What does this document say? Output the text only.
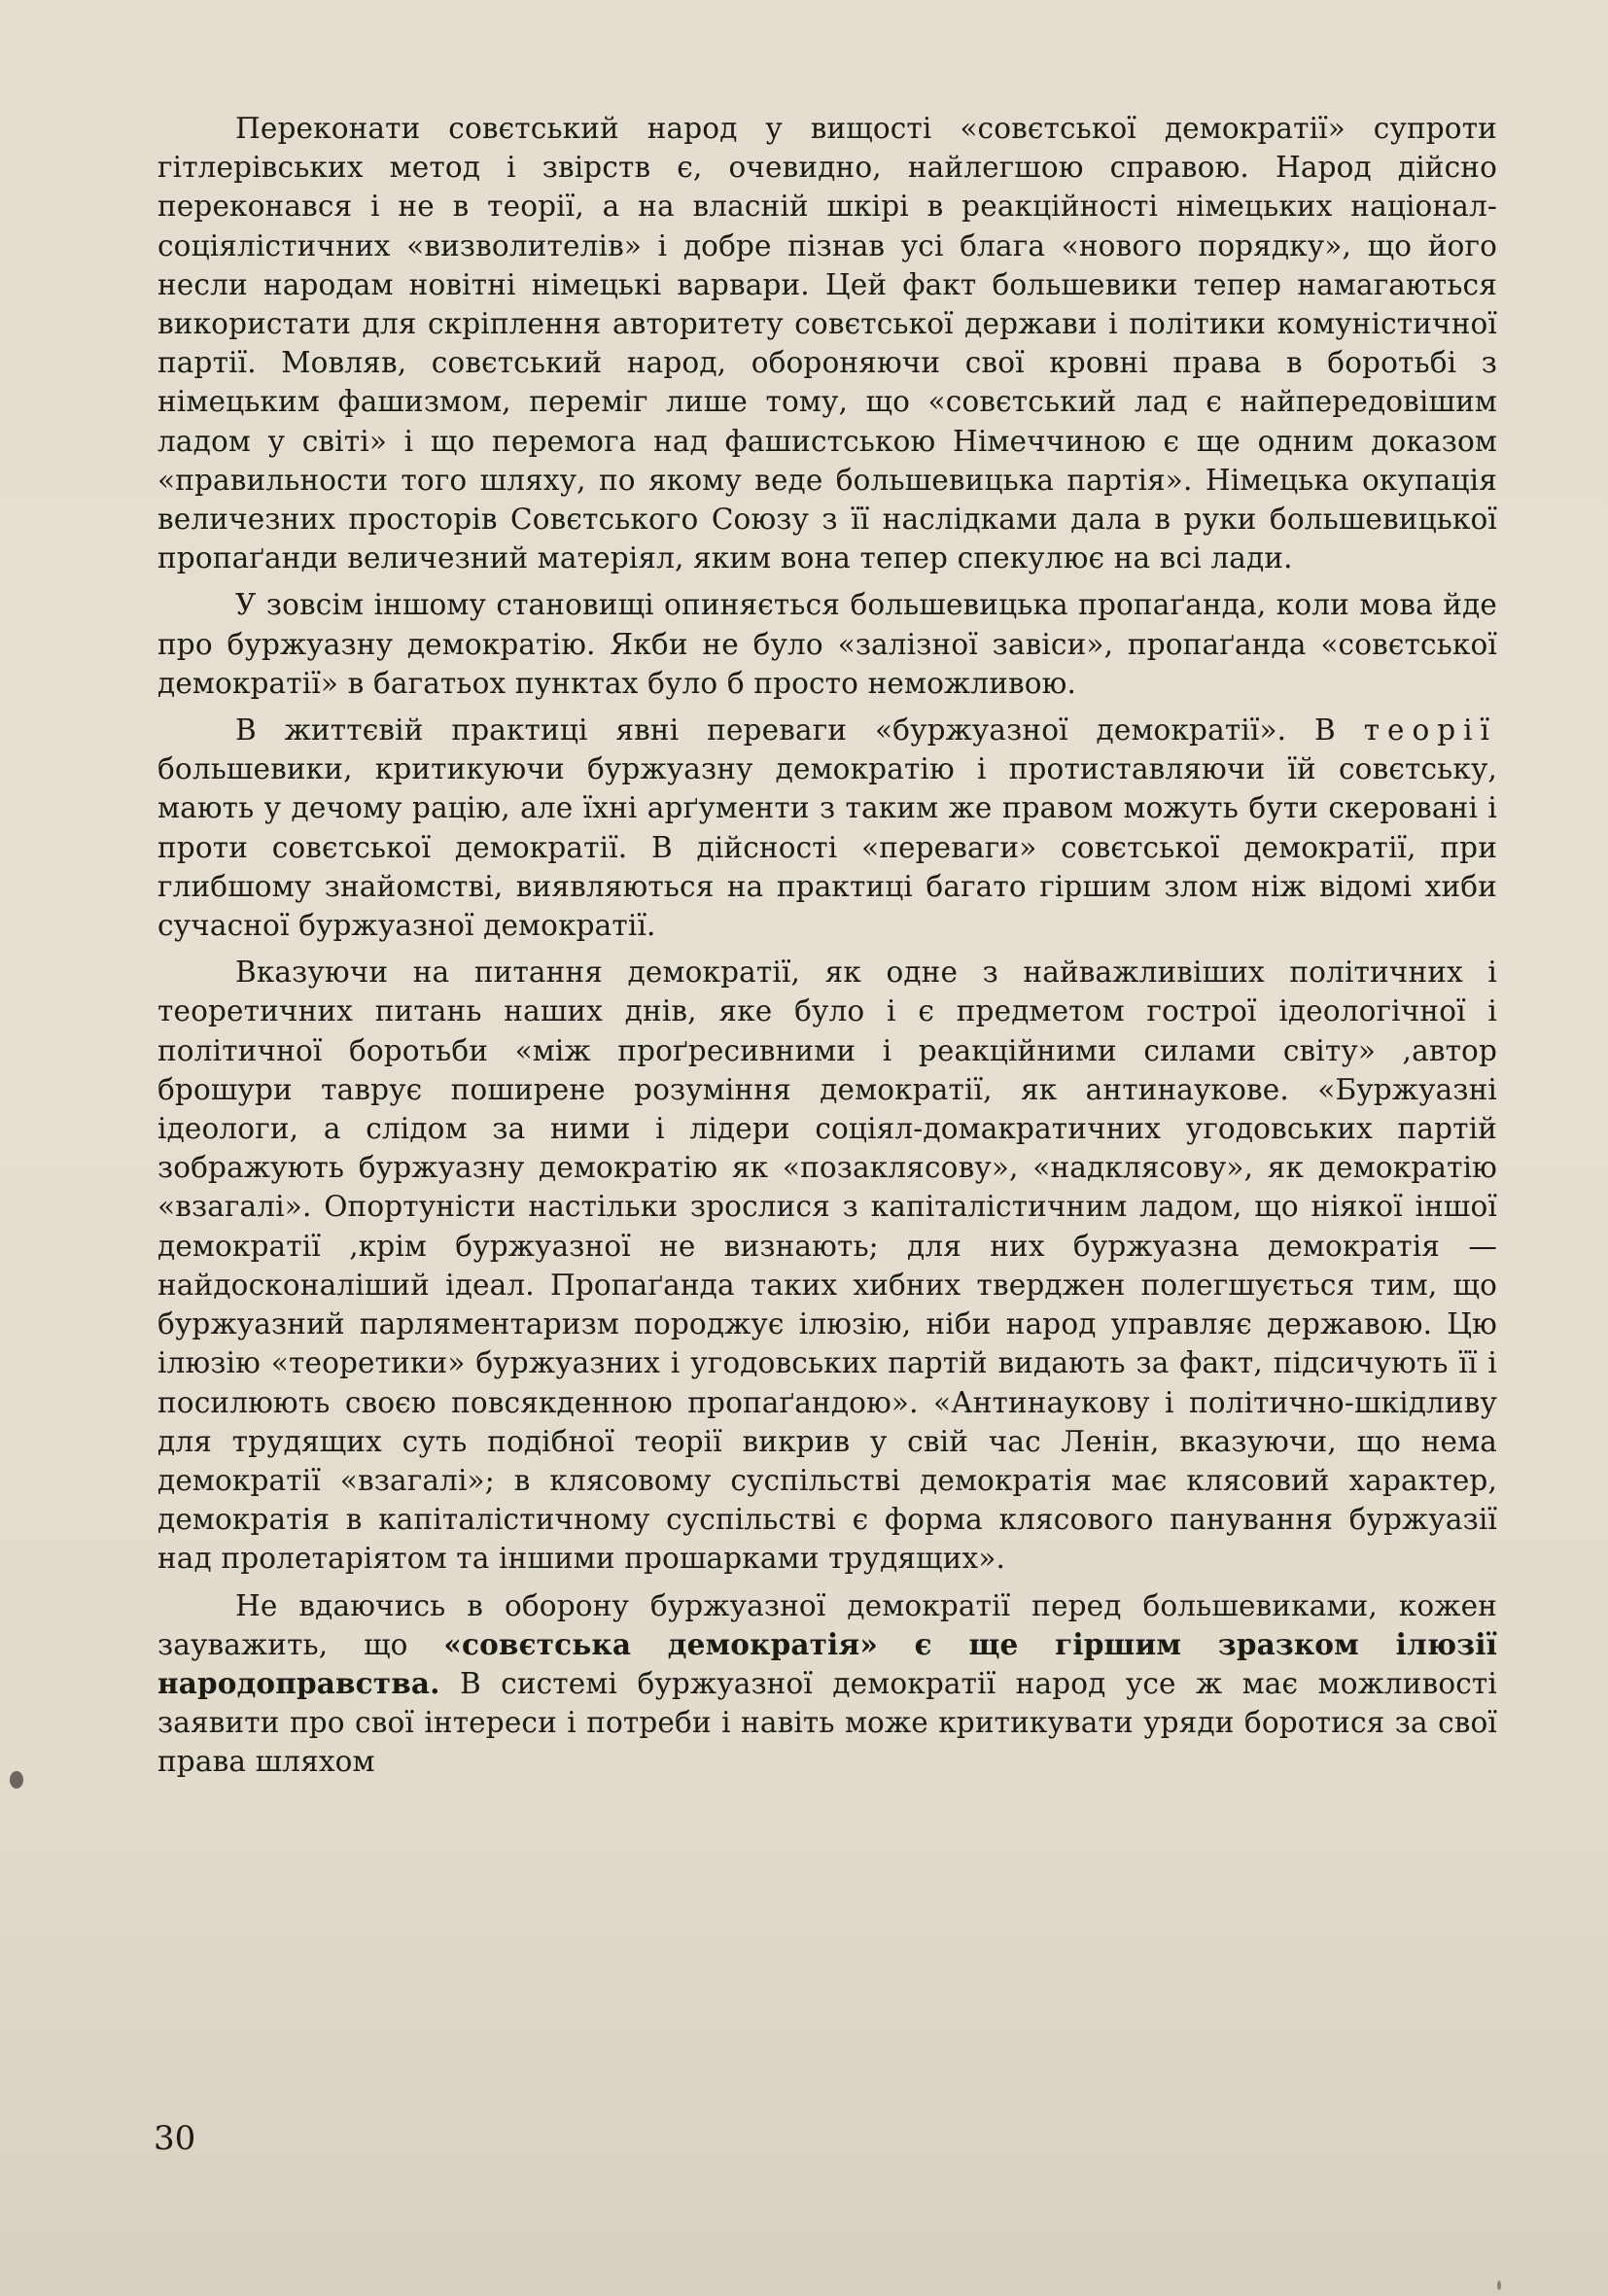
Переконати совєтський народ у вищості «совєтської демократії» супроти гітлерівських метод і звірств є, очевидно, найлегшою справою. Народ дійсно переконався і не в теорії, а на власній шкірі в реакційності німецьких націонал-соціялістичних «визволителів» і добре пізнав усі блага «нового порядку», що його несли народам новітні німецькі варвари. Цей факт большевики тепер намагаються використати для скріплення авторитету совєтської держави і політики комуністичної партії. Мовляв, совєтський народ, обороняючи свої кровні права в боротьбі з німецьким фашизмом, переміг лише тому, що «совєтський лад є найпередовішим ладом у світі» і що перемога над фашистською Німеччиною є ще одним доказом «правильности того шляху, по якому веде большевицька партія». Німецька окупація величезних просторів Совєтського Союзу з її наслідками дала в руки большевицької пропаґанди величезний матеріял, яким вона тепер спекулює на всі лади.

У зовсім іншому становищі опиняється большевицька пропаґанда, коли мова йде про буржуазну демократію. Якби не було «залізної завіси», пропаґанда «совєтської демократії» в багатьох пунктах було б просто неможливою.

В життєвій практиці явні переваги «буржуазної демократії». В теорії большевики, критикуючи буржуазну демократію і протиставляючи їй совєтську, мають у дечому рацію, але їхні арґументи з таким же правом можуть бути скеровані і проти совєтської демократії. В дійсності «переваги» совєтської демократії, при глибшому знайомстві, виявляються на практиці багато гіршим злом ніж відомі хиби сучасної буржуазної демократії.

Вказуючи на питання демократії, як одне з найважливіших політичних і теоретичних питань наших днів, яке було і є предметом гострої ідеологічної і політичної боротьби «між проґресивними і реакційними силами світу» ,автор брошури таврує поширене розуміння демократії, як антинаукове. «Буржуазні ідеологи, а слідом за ними і лідери соціял-домакратичних угодовських партій зображують буржуазну демократію як «позаклясову», «надклясову», як демократію «взагалі». Опортуністи настільки зрослися з капіталістичним ладом, що ніякої іншої демократії ,крім буржуазної не визнають; для них буржуазна демократія — найдосконаліший ідеал. Пропаґанда таких хибних тверджен полегшується тим, що буржуазний парляментаризм породжує ілюзію, ніби народ управляє державою. Цю ілюзію «теоретики» буржуазних і угодовських партій видають за факт, підсичують її і посилюють своєю повсякденною пропаґандою». «Антинаукову і політично-шкідливу для трудящих суть подібної теорії викрив у свій час Ленін, вказуючи, що нема демократії «взагалі»; в клясовому суспільстві демократія має клясовий характер, демократія в капіталістичному суспільстві є форма клясового панування буржуазії над пролетаріятом та іншими прошарками трудящих».

Не вдаючись в оборону буржуазної демократії перед большевиками, кожен зауважить, що «совєтська демократія» є ще гіршим зразком ілюзії народоправства. В системі буржуазної демократії народ усе ж має можливості заявити про свої інтереси і потреби і навіть може критикувати уряди боротися за свої права шляхом

30
